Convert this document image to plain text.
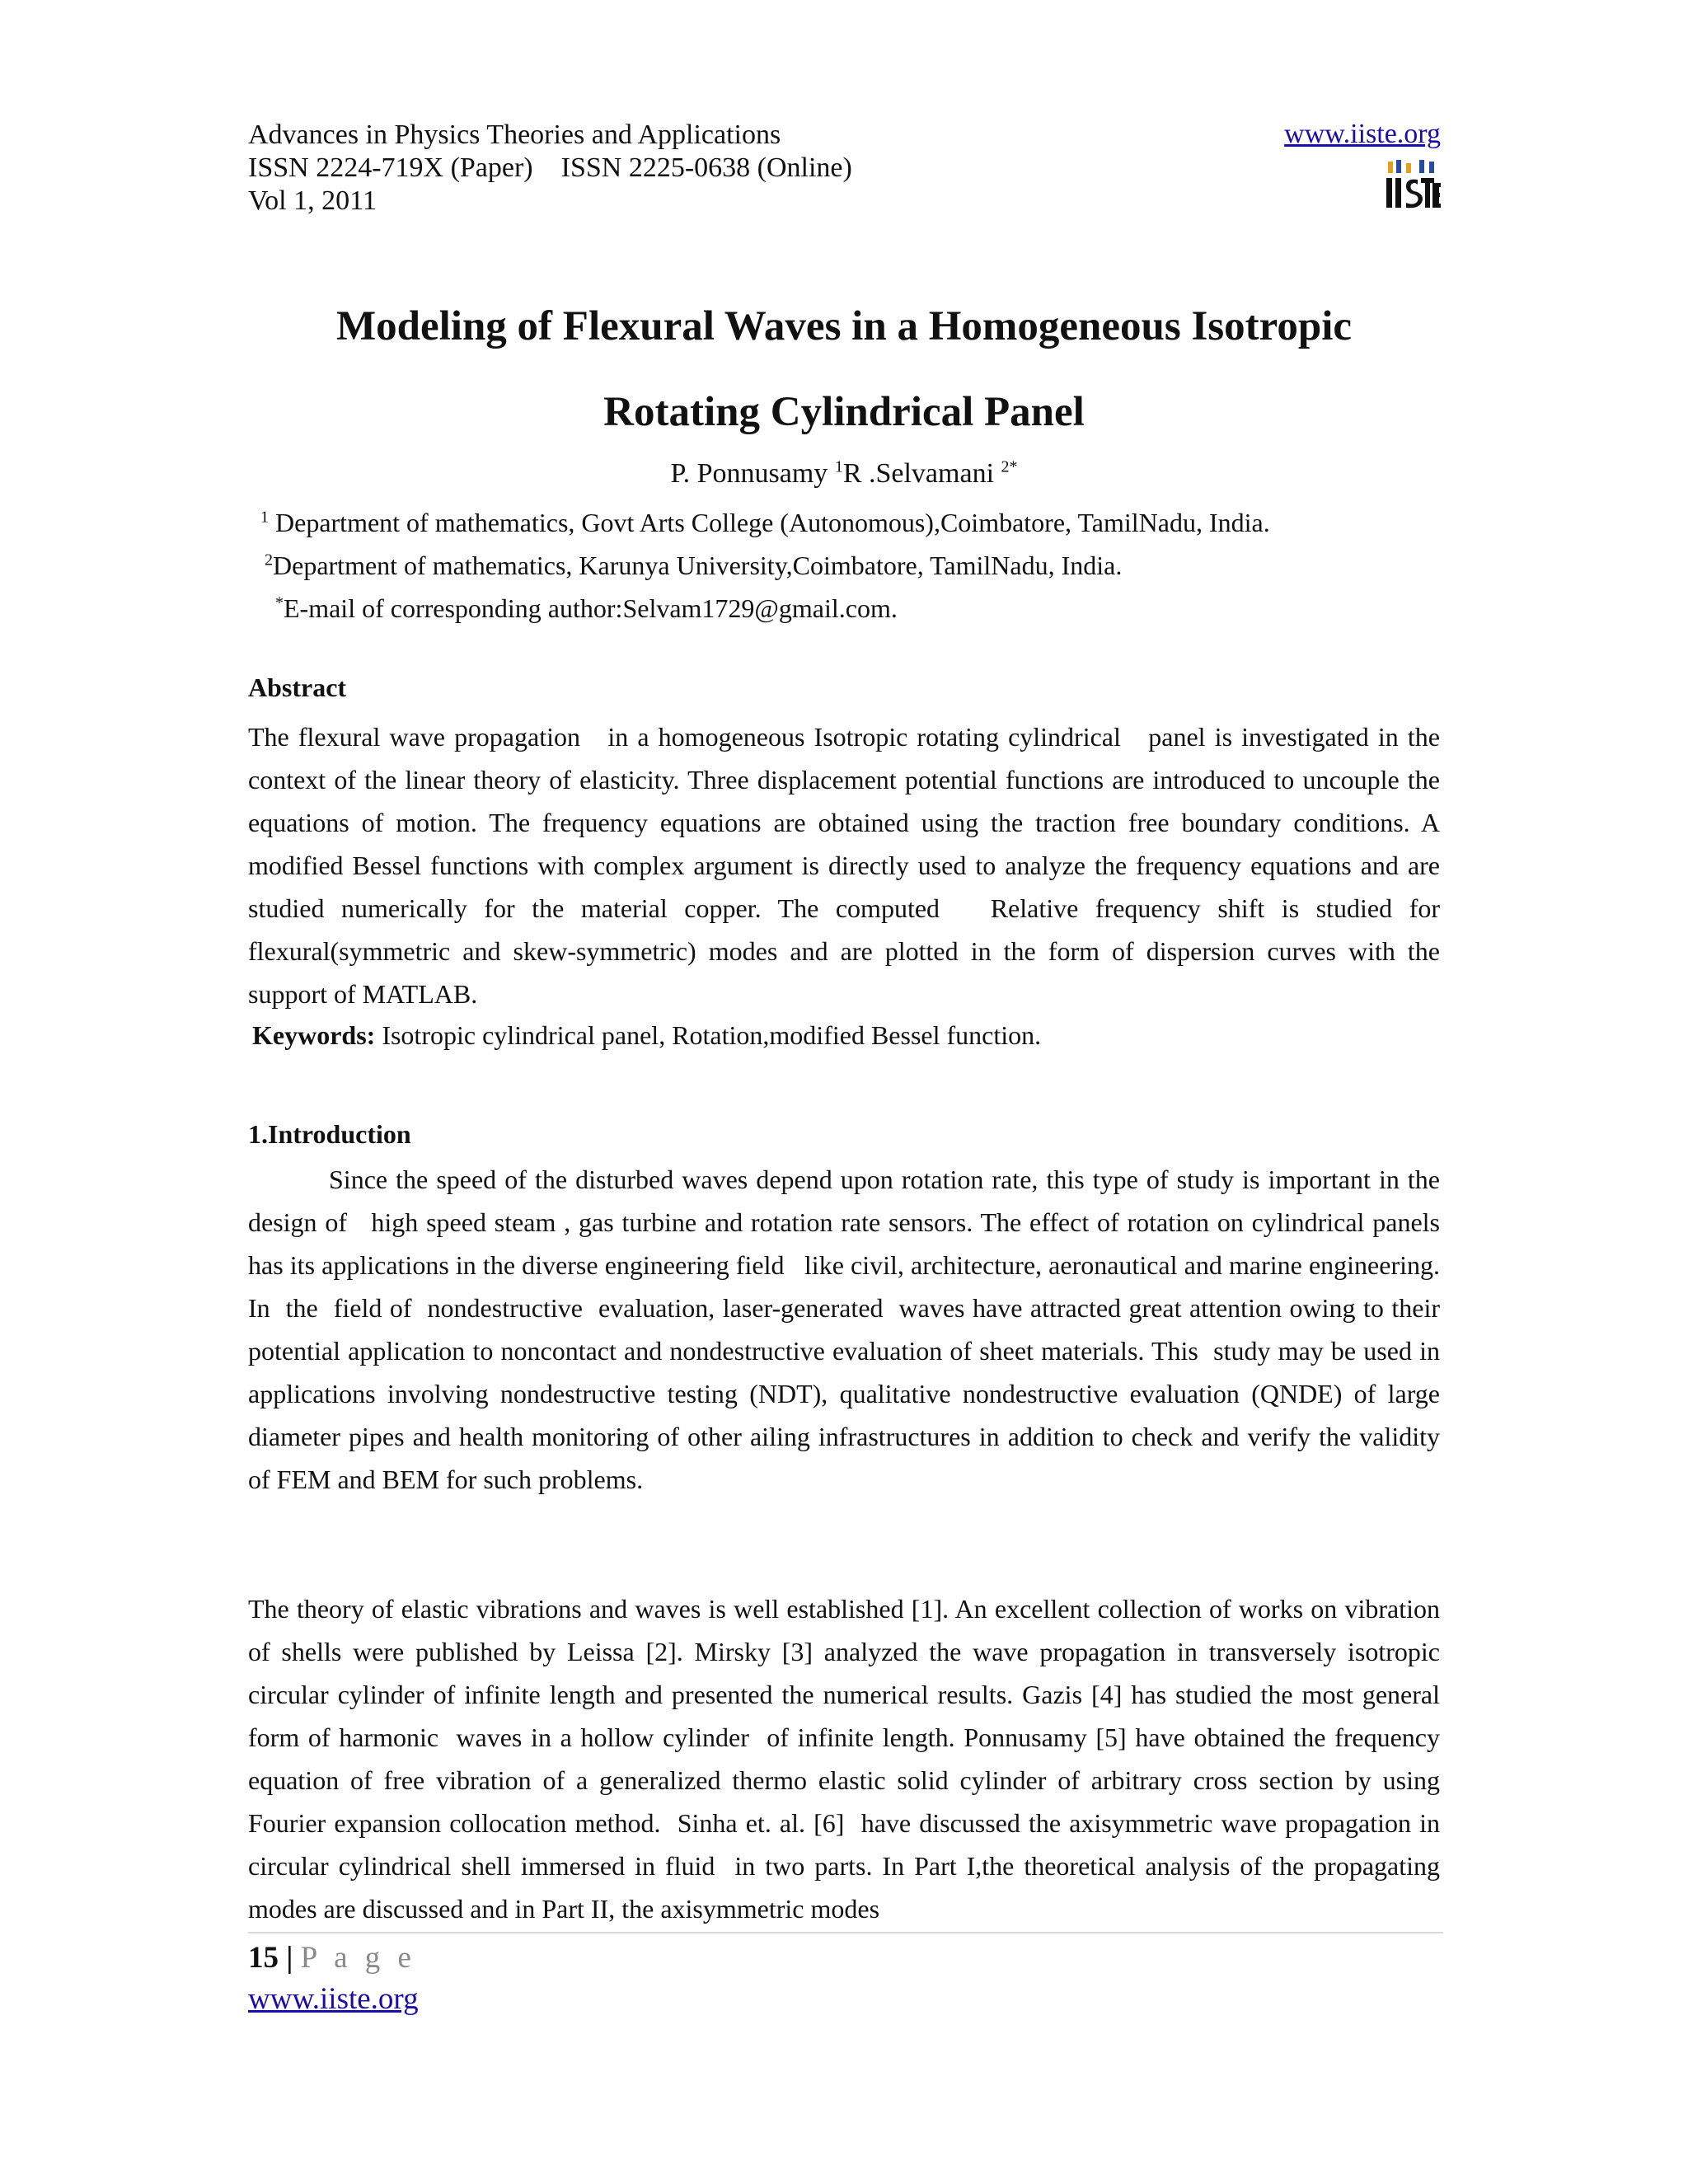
Advances in Physics Theories and Applications
ISSN 2224-719X (Paper)    ISSN 2225-0638 (Online)
Vol 1, 2011
www.iiste.org
Modeling of Flexural Waves in a Homogeneous Isotropic
Rotating Cylindrical Panel
P. Ponnusamy $^1$R .Selvamani $^{2*}$
$^1$ Department of mathematics, Govt Arts College (Autonomous),Coimbatore, TamilNadu, India.
$^2$Department of mathematics, Karunya University,Coimbatore, TamilNadu, India.
*E-mail of corresponding author:Selvam1729@gmail.com.
Abstract
The flexural wave propagation   in a homogeneous Isotropic rotating cylindrical   panel is investigated in the context of the linear theory of elasticity. Three displacement potential functions are introduced to uncouple the equations of motion. The frequency equations are obtained using the traction free boundary conditions. A modified Bessel functions with complex argument is directly used to analyze the frequency equations and are studied numerically for the material copper. The computed   Relative frequency shift is studied for flexural(symmetric and skew-symmetric) modes and are plotted in the form of dispersion curves with the support of MATLAB.
Keywords: Isotropic cylindrical panel, Rotation,modified Bessel function.
1.Introduction
Since the speed of the disturbed waves depend upon rotation rate, this type of study is important in the design of   high speed steam , gas turbine and rotation rate sensors. The effect of rotation on cylindrical panels has its applications in the diverse engineering field   like civil, architecture, aeronautical and marine engineering. In  the  field of  nondestructive  evaluation, laser-generated  waves have attracted great attention owing to their potential application to noncontact and nondestructive evaluation of sheet materials. This  study may be used in applications involving nondestructive testing (NDT), qualitative nondestructive evaluation (QNDE) of large diameter pipes and health monitoring of other ailing infrastructures in addition to check and verify the validity of FEM and BEM for such problems.
The theory of elastic vibrations and waves is well established [1]. An excellent collection of works on vibration of shells were published by Leissa [2]. Mirsky [3] analyzed the wave propagation in transversely isotropic circular cylinder of infinite length and presented the numerical results. Gazis [4] has studied the most general form of harmonic  waves in a hollow cylinder  of infinite length. Ponnusamy [5] have obtained the frequency equation of free vibration of a generalized thermo elastic solid cylinder of arbitrary cross section by using Fourier expansion collocation method.  Sinha et. al. [6]  have discussed the axisymmetric wave propagation in circular cylindrical shell immersed in fluid  in two parts. In Part I,the theoretical analysis of the propagating modes are discussed and in Part II, the axisymmetric modes
15 | P a g e
www.iiste.org
